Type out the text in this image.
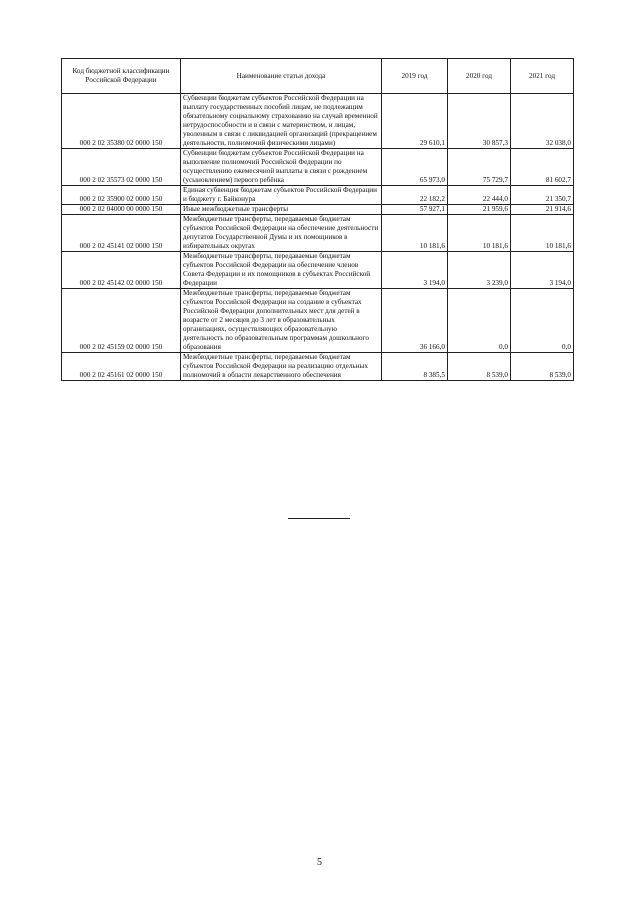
Код бюджетной классификации Российской Федерации	Наименование статьи дохода	2019 год	2020 год	2021 год
000 2 02 35380 02 0000 150	Субвенции бюджетам субъектов Российской Федерации на выплату государственных пособий лицам, не подлежащим обязательному социальному страхованию на случай временной нетрудоспособности и в связи с материнством, и лицам, уволенным в связи с ликвидацией организаций (прекращением деятельности, полномочий физическими лицами)	29 610,1	30 857,3	32 038,0
000 2 02 35573 02 0000 150	Субвенции бюджетам субъектов Российской Федерации на выполнение полномочий Российской Федерации по осуществлению ежемесячной выплаты в связи с рождением (усыновлением) первого ребёнка	65 973,0	75 729,7	81 602,7
000 2 02 35900 02 0000 150	Единая субвенция бюджетам субъектов Российской Федерации и бюджету г. Байконура	22 182,2	22 444,0	21 350,7
000 2 02 04000 00 0000 150	Иные межбюджетные трансферты	57 927,1	21 959,6	21 914,6
000 2 02 45141 02 0000 150	Межбюджетные трансферты, передаваемые бюджетам субъектов Российской Федерации на обеспечение деятельности депутатов Государственной Думы и их помощников в избирательных округах	10 181,6	10 181,6	10 181,6
000 2 02 45142 02 0000 150	Межбюджетные трансферты, передаваемые бюджетам субъектов Российской Федерации на обеспечение членов Совета Федерации и их помощников в субъектах Российской Федерации	3 194,0	3 239,0	3 194,0
000 2 02 45159 02 0000 150	Межбюджетные трансферты, передаваемые бюджетам субъектов Российской Федерации на создание в субъектах Российской Федерации дополнительных мест для детей в возрасте от 2 месяцев до 3 лет в образовательных организациях, осуществляющих образовательную деятельность по образовательным программам дошкольного образования	36 166,0	0,0	0,0
000 2 02 45161 02 0000 150	Межбюджетные трансферты, передаваемые бюджетам субъектов Российской Федерации на реализацию отдельных полномочий в области лекарственного обеспечения	8 385,5	8 539,0	8 539,0
5
